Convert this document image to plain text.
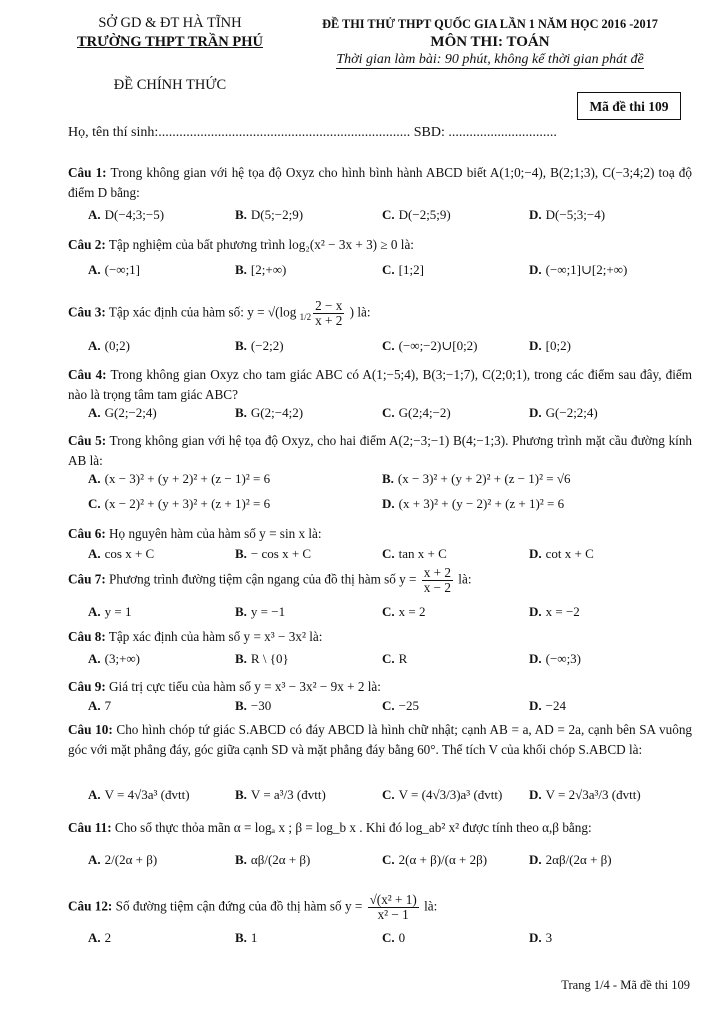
SỞ GD & ĐT HÀ TĨNH
TRƯỜNG THPT TRẦN PHÚ
ĐỀ CHÍNH THỨC
ĐỀ THI THỬ THPT QUỐC GIA LẦN 1 NĂM HỌC 2016 -2017
MÔN THI: TOÁN
Thời gian làm bài: 90 phút, không kể thời gian phát đề
Mã đề thi 109
Họ, tên thí sinh:........................................................................ SBD: ...............................
Câu 1: Trong không gian với hệ tọa độ Oxyz cho hình bình hành ABCD biết A(1;0;−4), B(2;1;3), C(−3;4;2) toạ độ điểm D bằng:
A. D(−4;3;−5)	B. D(5;−2;9)	C. D(−2;5;9)	D. D(−5;3;−4)
Câu 2: Tập nghiệm của bất phương trình log₂(x² − 3x + 3) ≥ 0 là:
A. (−∞;1]	B. [2;+∞)	C. [1;2]	D. (−∞;1]∪[2;+∞)
Câu 3: Tập xác định của hàm số: y = √(log $_{1/2} \frac{2 - x}{x + 2}$ ) là:
A. (0;2)	B. (−2;2)	C. (−∞;−2)∪[0;2)	D. [0;2)
Câu 4: Trong không gian Oxyz cho tam giác ABC có A(1;−5;4), B(3;−1;7), C(2;0;1), trong các điểm sau đây, điểm nào là trọng tâm tam giác ABC?
A. G(2;−2;4)	B. G(2;−4;2)	C. G(2;4;−2)	D. G(−2;2;4)
Câu 5: Trong không gian với hệ tọa độ Oxyz, cho hai điểm A(2;−3;−1) B(4;−1;3). Phương trình mặt cầu đường kính AB là:
A. (x − 3)² + (y + 2)² + (z − 1)² = 6	B. (x − 3)² + (y + 2)² + (z − 1)² = √6
C. (x − 2)² + (y + 3)² + (z + 1)² = 6	D. (x + 3)² + (y − 2)² + (z + 1)² = 6
Câu 6: Họ nguyên hàm của hàm số y = sin x là:
A. cos x + C	B. − cos x + C	C. tan x + C	D. cot x + C
Câu 7: Phương trình đường tiệm cận ngang của đồ thị hàm số $y = \frac{x + 2}{x - 2}$ là:
A. y = 1	B. y = −1	C. x = 2	D. x = −2
Câu 8: Tập xác định của hàm số y = x³ − 3x² là:
A. (3;+∞)	B. R \ {0}	C. R	D. (−∞;3)
Câu 9: Giá trị cực tiểu của hàm số y = x³ − 3x² − 9x + 2 là:
A. 7	B. −30	C. −25	D. −24
Câu 10: Cho hình chóp tứ giác S.ABCD có đáy ABCD là hình chữ nhật; cạnh AB = a, AD = 2a, cạnh bên SA vuông góc với mặt phẳng đáy, góc giữa cạnh SD và mặt phẳng đáy bằng 60°. Thể tích V của khối chóp S.ABCD là:
A. V = 4√3a³ (đvtt)	B. V = a³/3 (đvtt)	C. V = (4√3/3)a³ (đvtt) D. V = 2√3a³/3 (đvtt)
Câu 11: Cho số thực thỏa mãn α = logₐ x ; β = log_b x . Khi đó log_ab² x² được tính theo α,β bằng:
A. 2/(2α + β)	B. αβ/(2α + β)	C. 2(α + β)/(α + 2β)	D. 2αβ/(2α + β)
Câu 12: Số đường tiệm cận đứng của đồ thị hàm số $y = \frac{\text{√(x² + 1)}}{\text{x² − 1}}$ là:
A. 2	B. 1	C. 0	D. 3
Trang 1/4 - Mã đề thi 109
